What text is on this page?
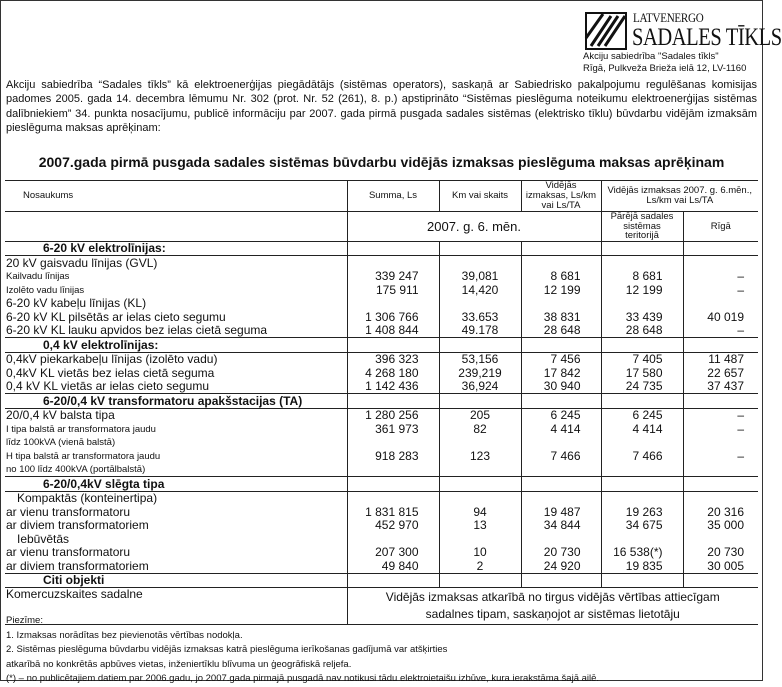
LATVENERGO
SADALES TĪKLS
Akciju sabiedrība "Sadales tīkls"
Rīgā, Pulkveža Brieža ielā 12, LV-1160
Akciju sabiedrība “Sadales tīkls” kā elektroenerģijas piegādātājs (sistēmas operators), saskaņā ar Sabiedrisko pakalpojumu regulēšanas komisijas padomes 2005. gada 14. decembra lēmumu Nr. 302 (prot. Nr. 52 (261), 8. p.) apstiprināto “Sistēmas pieslēguma noteikumu elektroenerģijas sistēmas dalībniekiem” 34. punkta nosacījumu, publicē informāciju par 2007. gada pirmā pusgada sadales sistēmas (elektrisko tīklu) būvdarbu vidējām izmaksām pieslēguma maksas aprēķinam:
2007.gada pirmā pusgada sadales sistēmas būvdarbu vidējās izmaksas pieslēguma maksas aprēķinam
Nosaukums	Summa, Ls	Km vai skaits	Vidējās izmaksas, Ls/km vai Ls/TA	Vidējās izmaksas 2007. g. 6.mēn., Ls/km vai Ls/TA	
	2007. g. 6. mēn.			Pārējā sadales sistēmas teritorijā	Rīgā
6-20 kV elektrolīnijas:					
20 kV gaisvadu līnijas (GVL)					
Kailvadu līnijas	339 247	39,081	8 681	8 681	–
Izolēto vadu līnijas	175 911	14,420	12 199	12 199	–
6-20 kV kabeļu līnijas (KL)					
6-20 kV KL pilsētās ar ielas cieto segumu	1 306 766	33.653	38 831	33 439	40 019
6-20 kV KL lauku apvidos bez ielas cietā seguma	1 408 844	49.178	28 648	28 648	–
0,4 kV elektrolīnijas:					
0,4kV piekarkabeļu līnijas (izolēto vadu)	396 323	53,156	7 456	7 405	11 487
0,4kV KL vietās bez ielas cietā seguma	4 268 180	239,219	17 842	17 580	22 657
0,4 kV KL vietās ar ielas cieto segumu	1 142 436	36,924	30 940	24 735	37 437
6-20/0,4 kV transformatoru apakšstacijas (TA)					
20/0,4 kV balsta tipa	1 280 256	205	6 245	6 245	–
I tipa balstā ar transformatora jaudu	361 973	82	4 414	4 414	–
līdz 100kVA (vienā balstā)					
H tipa balstā ar transformatora jaudu	918 283	123	7 466	7 466	–
no 100 līdz 400kVA (portālbalstā)					
6-20/0,4kV slēgta tipa					
Kompaktās (konteinertipa)					
ar vienu transformatoru	1 831 815	94	19 487	19 263	20 316
ar diviem transformatoriem	452 970	13	34 844	34 675	35 000
Iebūvētās					
ar vienu transformatoru	207 300	10	20 730	16 538(*)	20 730
ar diviem transformatoriem	49 840	2	24 920	19 835	30 005
Citi objekti					
Komercuzskaites sadalne	Vidējās izmaksas atkarībā no tirgus vidējās vērtības attiecīgam sadalnes tipam, saskaņojot ar sistēmas lietotāju				
Piezīme:
1. Izmaksas norādītas bez pievienotās vērtības nodokļa.
2. Sistēmas pieslēguma būvdarbu vidējās izmaksas katrā pieslēguma ierīkošanas gadījumā var atšķirties
atkarībā no konkrētās apbūves vietas, inženiertīklu blīvuma un ģeogrāfiskā reljefa.
(*) – no publicētajiem datiem par 2006.gadu, jo 2007.gada pirmajā pusgadā nav notikusi tādu elektroietaišu izbūve, kura ierakstāma šajā ailē.
